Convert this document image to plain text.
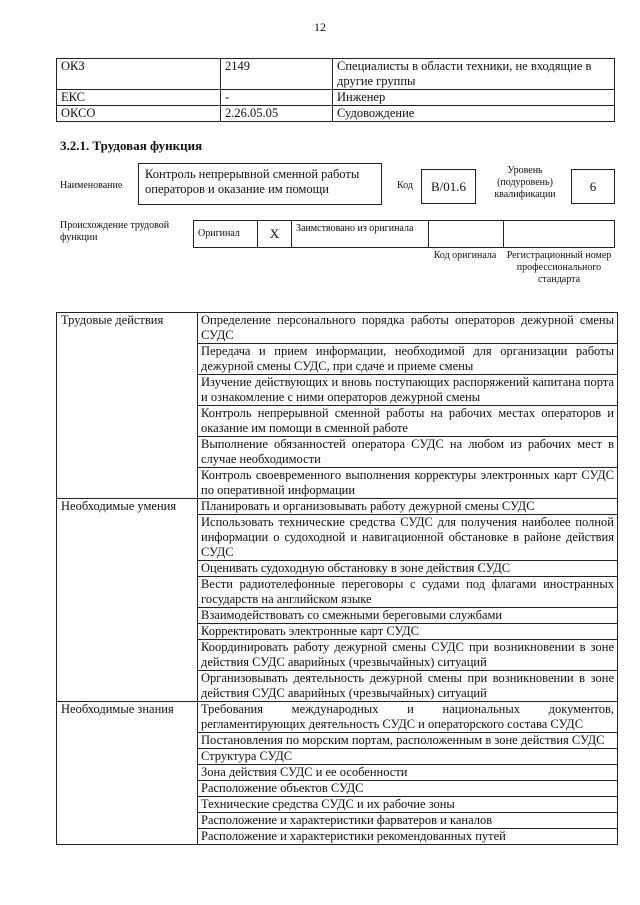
12
ОКЗ	2149	Специалисты в области техники, не входящие в другие группы
ЕКС	-	Инженер
ОКСО	2.26.05.05	Судовождение
3.2.1. Трудовая функция
Наименование
Контроль непрерывной сменной работы операторов и оказание им помощи	Код	B/01.6
Уровень (подуровень) квалификации
6
Происхождение трудовой функции	Оригинал	X	Заимствовано из оригинала		
Код оригинала	Регистрационный номер профессионального стандарта
Трудовые действия	Определение персонального порядка работы операторов дежурной смены СУДС
	Передача и прием информации, необходимой для организации работы дежурной смены СУДС, при сдаче и приеме смены
	Изучение действующих и вновь поступающих распоряжений капитана порта и ознакомление с ними операторов дежурной смены
	Контроль непрерывной сменной работы на рабочих местах операторов и оказание им помощи в сменной работе
	Выполнение обязанностей оператора СУДС на любом из рабочих мест в случае необходимости
	Контроль своевременного выполнения корректуры электронных карт СУДС по оперативной информации
Необходимые умения	Планировать и организовывать работу дежурной смены СУДС
	Использовать технические средства СУДС для получения наиболее полной информации о судоходной и навигационной обстановке в районе действия СУДС
	Оценивать судоходную обстановку в зоне действия СУДС
	Вести радиотелефонные переговоры с судами под флагами иностранных государств на английском языке
	Взаимодействовать со смежными береговыми службами
	Корректировать электронные карт СУДС
	Координировать работу дежурной смены СУДС при возникновении в зоне действия СУДС аварийных (чрезвычайных) ситуаций
	Организовывать деятельность дежурной смены при возникновении в зоне действия СУДС аварийных (чрезвычайных) ситуаций
Необходимые знания	Требования международных и национальных документов, регламентирующих деятельность СУДС и операторского состава СУДС
	Постановления по морским портам, расположенным в зоне действия СУДС
	Структура СУДС
	Зона действия СУДС и ее особенности
	Расположение объектов СУДС
	Технические средства СУДС и их рабочие зоны
	Расположение и характеристики фарватеров и каналов
	Расположение и характеристики рекомендованных путей
